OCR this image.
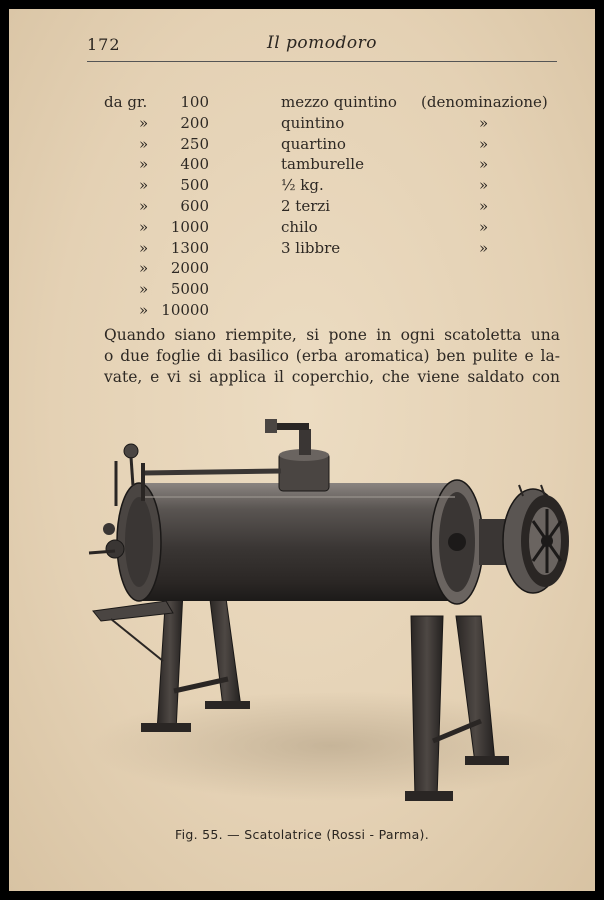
172	Il pomodoro
da gr. 100	mezzo quintino (denominazione)
» 200	quintino	»
» 250	quartino	»
» 400	tamburelle	»
» 500	½ kg.	»
» 600	2 terzi	»
» 1000	chilo	»
» 1300	3 libbre	»
» 2000
» 5000
» 10000
Quando siano riempite, si pone in ogni scatoletta una
o due foglie di basilico (erba aromatica) ben pulite e la-
vate, e vi si applica il coperchio, che viene saldato con
Fig. 55. — Scatolatrice (Rossi - Parma).
